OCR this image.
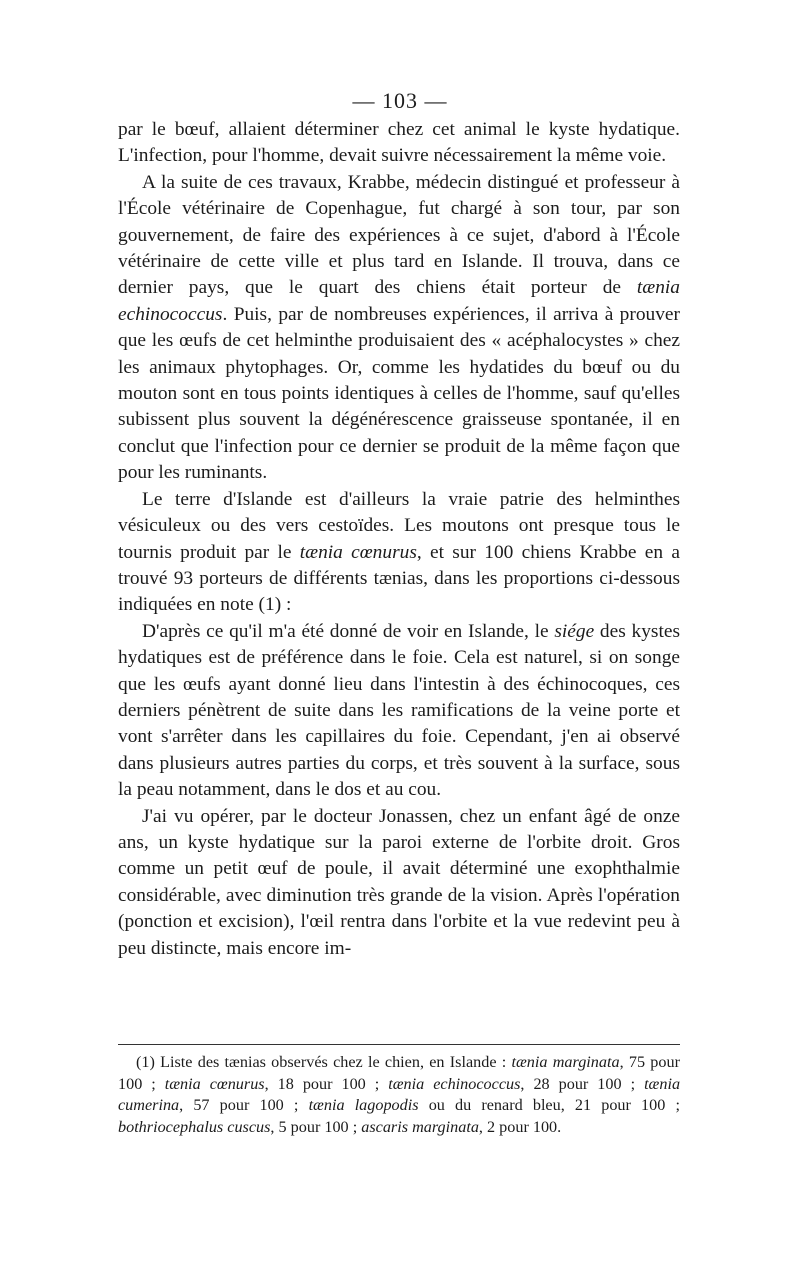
— 103 —

par le bœuf, allaient déterminer chez cet animal le kyste hydatique. L'infection, pour l'homme, devait suivre nécessairement la même voie.

A la suite de ces travaux, Krabbe, médecin distingué et professeur à l'École vétérinaire de Copenhague, fut chargé à son tour, par son gouvernement, de faire des expériences à ce sujet, d'abord à l'École vétérinaire de cette ville et plus tard en Islande. Il trouva, dans ce dernier pays, que le quart des chiens était porteur de tænia echinococcus. Puis, par de nombreuses expériences, il arriva à prouver que les œufs de cet helminthe produisaient des « acéphalocystes » chez les animaux phytophages. Or, comme les hydatides du bœuf ou du mouton sont en tous points identiques à celles de l'homme, sauf qu'elles subissent plus souvent la dégénérescence graisseuse spontanée, il en conclut que l'infection pour ce dernier se produit de la même façon que pour les ruminants.

Le terre d'Islande est d'ailleurs la vraie patrie des helminthes vésiculeux ou des vers cestoïdes. Les moutons ont presque tous le tournis produit par le tænia cœnurus, et sur 100 chiens Krabbe en a trouvé 93 porteurs de différents tænias, dans les proportions ci-dessous indiquées en note (1) :

D'après ce qu'il m'a été donné de voir en Islande, le siége des kystes hydatiques est de préférence dans le foie. Cela est naturel, si on songe que les œufs ayant donné lieu dans l'intestin à des échinocoques, ces derniers pénètrent de suite dans les ramifications de la veine porte et vont s'arrêter dans les capillaires du foie. Cependant, j'en ai observé dans plusieurs autres parties du corps, et très souvent à la surface, sous la peau notamment, dans le dos et au cou.

J'ai vu opérer, par le docteur Jonassen, chez un enfant âgé de onze ans, un kyste hydatique sur la paroi externe de l'orbite droit. Gros comme un petit œuf de poule, il avait déterminé une exophthalmie considérable, avec diminution très grande de la vision. Après l'opération (ponction et excision), l'œil rentra dans l'orbite et la vue redevint peu à peu distincte, mais encore im-

(1) Liste des tænias observés chez le chien, en Islande : tænia marginata, 75 pour 100 ; tænia cœnurus, 18 pour 100 ; tænia echinococcus, 28 pour 100 ; tænia cumerina, 57 pour 100 ; tænia lagopodis ou du renard bleu, 21 pour 100 ; bothriocephalus cuscus, 5 pour 100 ; ascaris marginata, 2 pour 100.
